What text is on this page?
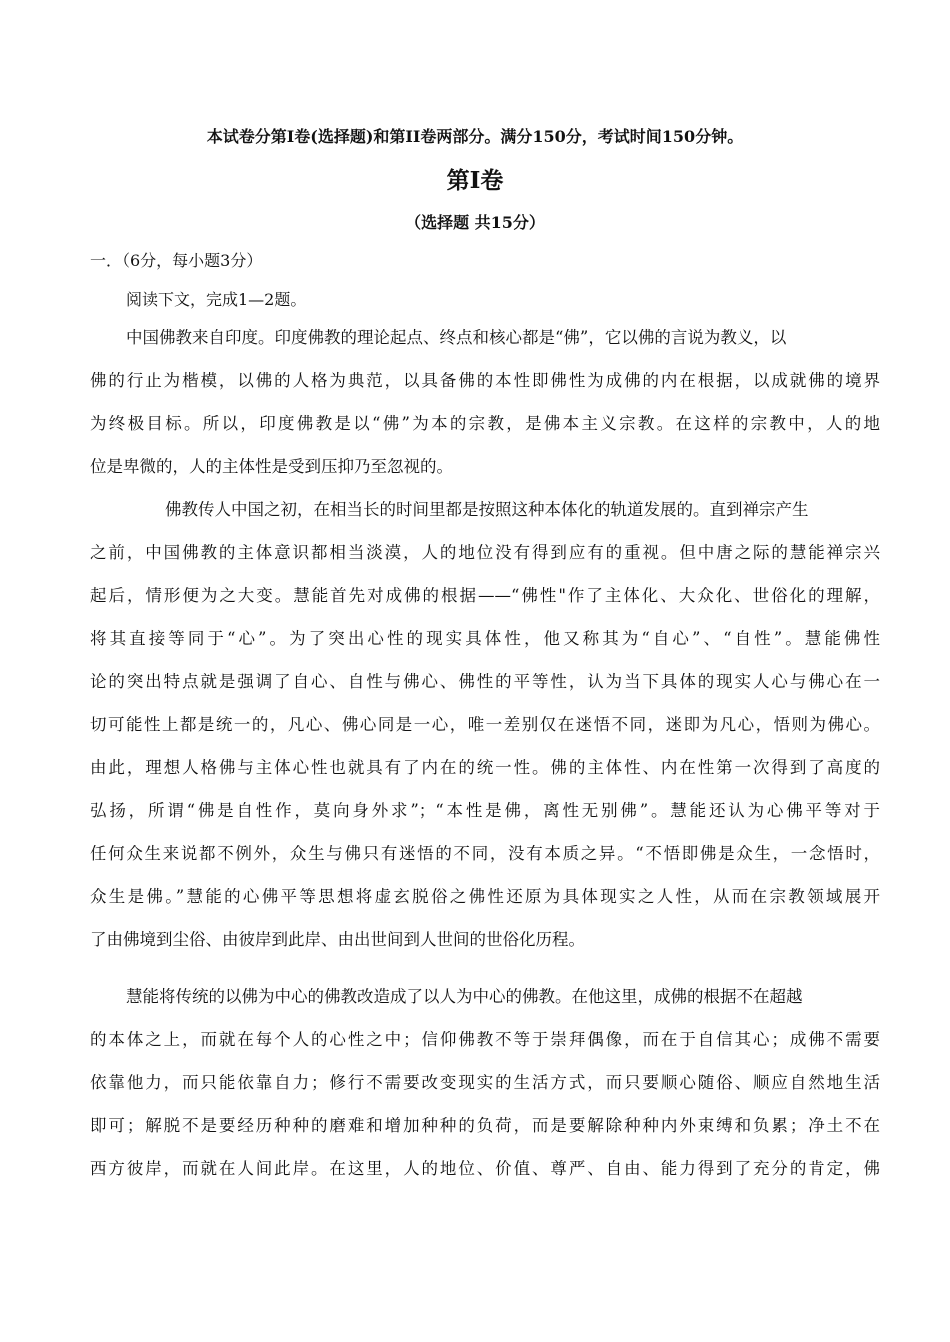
本试卷分第Ⅰ卷(选择题)和第II卷两部分。满分150分，考试时间150分钟。
第Ⅰ卷
（选择题 共15分）
一．（6分，每小题3分）
阅读下文，完成1—2题。
中国佛教来自印度。印度佛教的理论起点、终点和核心都是“佛”，它以佛的言说为教义，以
佛的行止为楷模，以佛的人格为典范，以具备佛的本性即佛性为成佛的内在根据，以成就佛的境界
为终极目标。所以，印度佛教是以“佛”为本的宗教，是佛本主义宗教。在这样的宗教中，人的地
位是卑微的，人的主体性是受到压抑乃至忽视的。
佛教传人中国之初，在相当长的时间里都是按照这种本体化的轨道发展的。直到禅宗产生
之前，中国佛教的主体意识都相当淡漠，人的地位没有得到应有的重视。但中唐之际的慧能禅宗兴
起后，情形便为之大变。慧能首先对成佛的根据——“佛性"作了主体化、大众化、世俗化的理解，
将其直接等同于“心”。为了突出心性的现实具体性，他又称其为“自心”、“自性”。慧能佛性
论的突出特点就是强调了自心、自性与佛心、佛性的平等性，认为当下具体的现实人心与佛心在一
切可能性上都是统一的，凡心、佛心同是一心，唯一差别仅在迷悟不同，迷即为凡心，悟则为佛心。
由此，理想人格佛与主体心性也就具有了内在的统一性。佛的主体性、内在性第一次得到了高度的
弘扬，所谓“佛是自性作，莫向身外求”；“本性是佛，离性无别佛”。慧能还认为心佛平等对于
任何众生来说都不例外，众生与佛只有迷悟的不同，没有本质之异。“不悟即佛是众生，一念悟时，
众生是佛。”慧能的心佛平等思想将虚玄脱俗之佛性还原为具体现实之人性，从而在宗教领域展开
了由佛境到尘俗、由彼岸到此岸、由出世间到人世间的世俗化历程。
慧能将传统的以佛为中心的佛教改造成了以人为中心的佛教。在他这里，成佛的根据不在超越
的本体之上，而就在每个人的心性之中；信仰佛教不等于崇拜偶像，而在于自信其心；成佛不需要
依靠他力，而只能依靠自力；修行不需要改变现实的生活方式，而只要顺心随俗、顺应自然地生活
即可；解脱不是要经历种种的磨难和增加种种的负荷，而是要解除种种内外束缚和负累；净土不在
西方彼岸，而就在人间此岸。在这里，人的地位、价值、尊严、自由、能力得到了充分的肯定，佛
